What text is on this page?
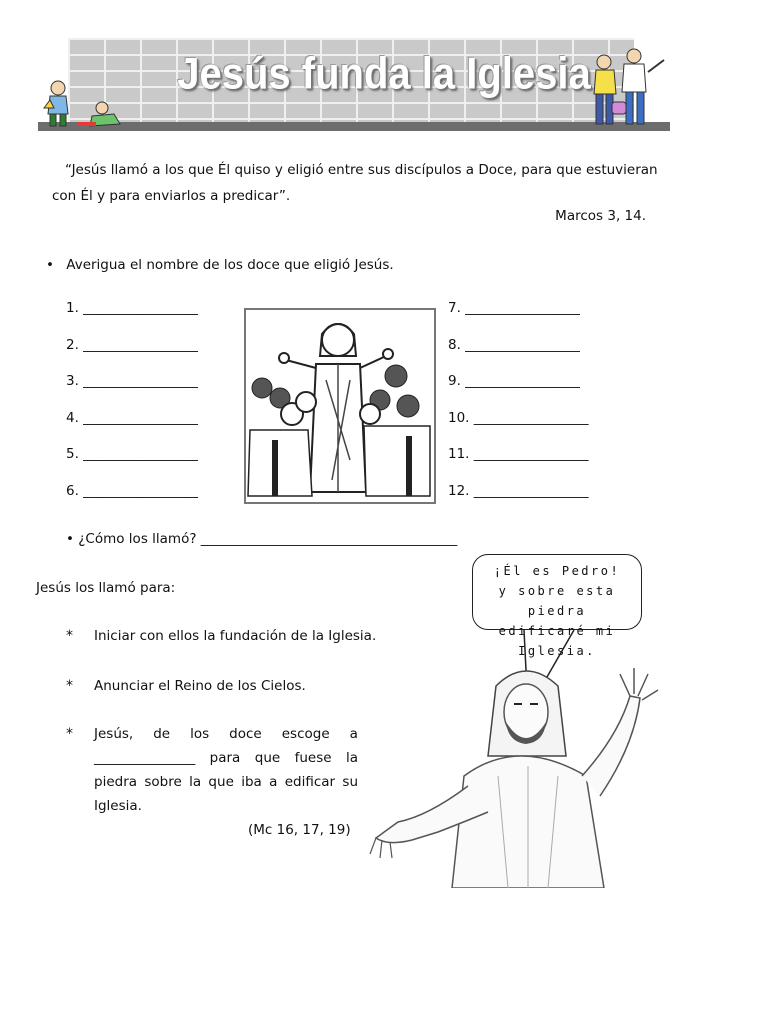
Jesús funda la Iglesia
“Jesús llamó a los que Él quiso y eligió entre sus discípulos a Doce, para que estuvieran
con Él y para enviarlos a predicar”.
Marcos 3, 14.
• Averigua el nombre de los doce que eligió Jesús.
1. _________________
2. _________________
3. _________________
4. _________________
5. _________________
6. _________________
7. _________________
8. _________________
9. _________________
10. _________________
11. _________________
12. _________________
• ¿Cómo los llamó? ______________________________________
Jesús los llamó para:
* Iniciar con ellos la fundación de la Iglesia.
* Anunciar el Reino de los Cielos.
* Jesús, de los doce escoge a
_______________ para que fuese la
piedra sobre la que iba a edificar su
Iglesia.
(Mc 16, 17, 19)
¡Él es Pedro!
y sobre esta piedra
edificaré mi Iglesia.
